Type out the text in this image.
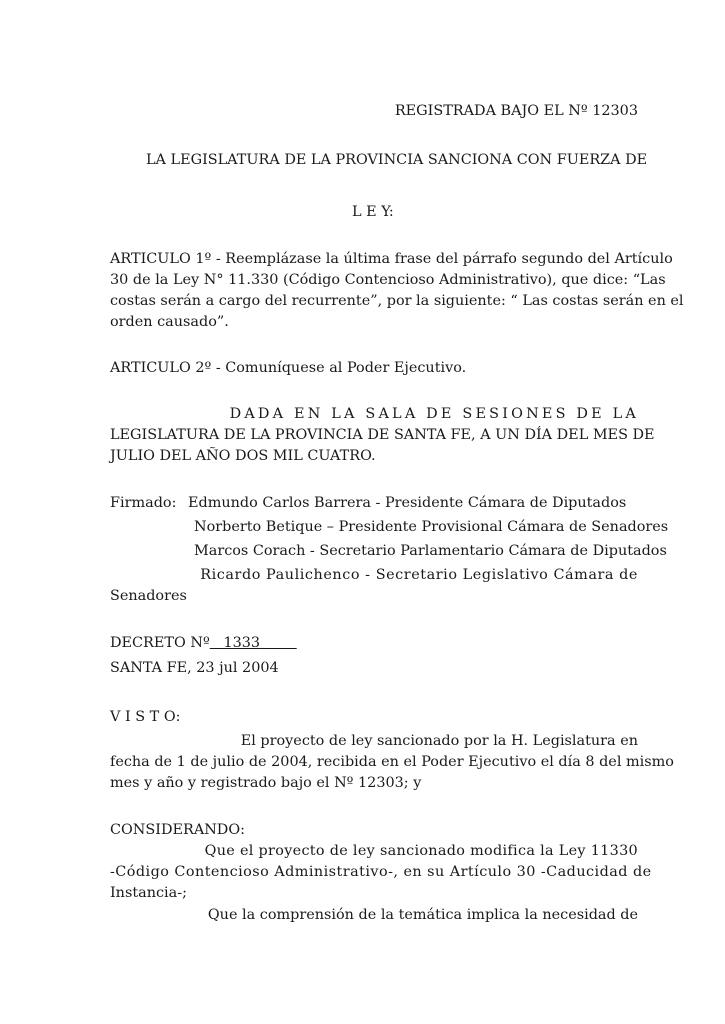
REGISTRADA BAJO EL Nº 12303
LA LEGISLATURA DE LA PROVINCIA SANCIONA CON FUERZA DE
L E Y:
ARTICULO 1º - Reemplázase la última frase del párrafo segundo del Artículo
30 de la Ley N° 11.330 (Código Contencioso Administrativo), que dice: “Las
costas serán a cargo del recurrente”, por la siguiente: “ Las costas serán en el
orden causado”.
ARTICULO 2º - Comuníquese al Poder Ejecutivo.
DADA EN LA SALA DE SESIONES DE LA
LEGISLATURA DE LA PROVINCIA DE SANTA FE, A UN DÍA DEL MES DE
JULIO DEL AÑO DOS MIL CUATRO.
Firmado: Edmundo Carlos Barrera - Presidente Cámara de Diputados
Norberto Betique – Presidente Provisional Cámara de Senadores
Marcos Corach - Secretario Parlamentario Cámara de Diputados
Ricardo Paulichenco - Secretario Legislativo Cámara de
Senadores
DECRETO Nº 1333
SANTA FE, 23 jul 2004
V I S T O:
El proyecto de ley sancionado por la H. Legislatura en
fecha de 1 de julio de 2004, recibida en el Poder Ejecutivo el día 8 del mismo
mes y año y registrado bajo el Nº 12303; y
CONSIDERANDO:
Que el proyecto de ley sancionado modifica la Ley 11330
-Código Contencioso Administrativo-, en su Artículo 30 -Caducidad de
Instancia-;
Que la comprensión de la temática implica la necesidad de
